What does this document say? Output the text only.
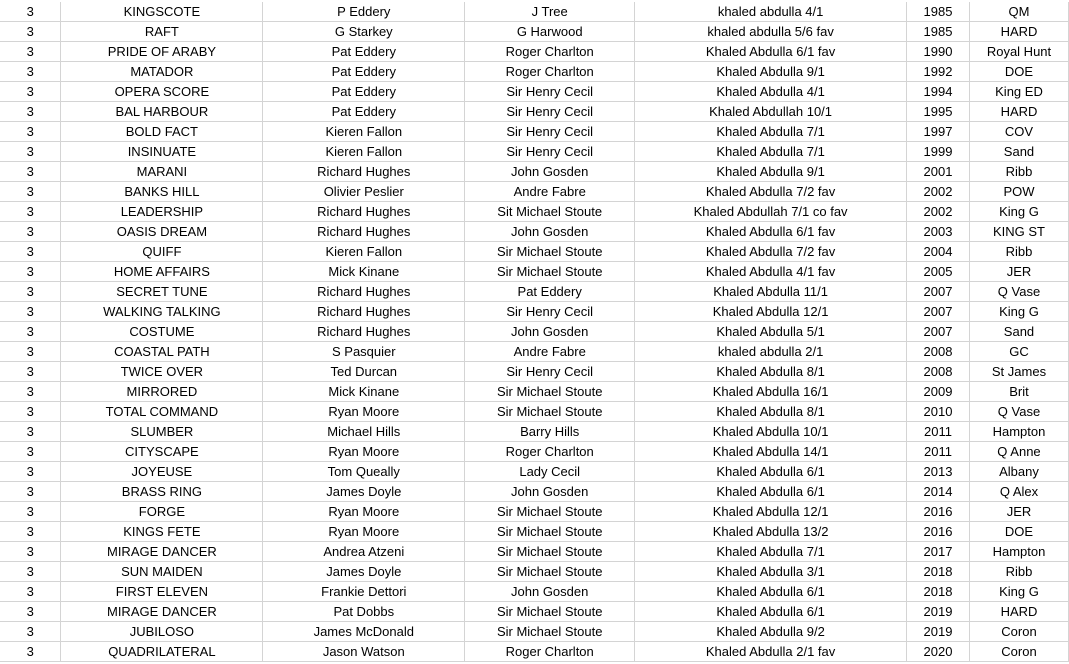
3	KINGSCOTE	P Eddery	J Tree	khaled abdulla 4/1	1985	QM
3	RAFT	G Starkey	G Harwood	khaled abdulla 5/6 fav	1985	HARD
3	PRIDE OF ARABY	Pat Eddery	Roger Charlton	Khaled Abdulla 6/1 fav	1990	Royal Hunt
3	MATADOR	Pat Eddery	Roger Charlton	Khaled Abdulla 9/1	1992	DOE
3	OPERA SCORE	Pat Eddery	Sir Henry Cecil	Khaled Abdulla 4/1	1994	King ED
3	BAL HARBOUR	Pat Eddery	Sir Henry Cecil	Khaled Abdullah 10/1	1995	HARD
3	BOLD FACT	Kieren Fallon	Sir Henry Cecil	Khaled Abdulla 7/1	1997	COV
3	INSINUATE	Kieren Fallon	Sir Henry Cecil	Khaled Abdulla 7/1	1999	Sand
3	MARANI	Richard Hughes	John Gosden	Khaled Abdulla 9/1	2001	Ribb
3	BANKS HILL	Olivier Peslier	Andre Fabre	Khaled Abdulla 7/2 fav	2002	POW
3	LEADERSHIP	Richard Hughes	Sit Michael Stoute	Khaled Abdullah 7/1 co fav	2002	King G
3	OASIS DREAM	Richard Hughes	John Gosden	Khaled Abdulla 6/1 fav	2003	KING ST
3	QUIFF	Kieren Fallon	Sir Michael Stoute	Khaled Abdulla 7/2 fav	2004	Ribb
3	HOME AFFAIRS	Mick Kinane	Sir Michael Stoute	Khaled Abdulla 4/1 fav	2005	JER
3	SECRET TUNE	Richard Hughes	Pat Eddery	Khaled Abdulla 11/1	2007	Q Vase
3	WALKING TALKING	Richard Hughes	Sir Henry Cecil	Khaled Abdulla 12/1	2007	King G
3	COSTUME	Richard Hughes	John Gosden	Khaled Abdulla 5/1	2007	Sand
3	COASTAL PATH	S Pasquier	Andre Fabre	khaled abdulla 2/1	2008	GC
3	TWICE OVER	Ted Durcan	Sir Henry Cecil	Khaled Abdulla 8/1	2008	St James
3	MIRRORED	Mick Kinane	Sir Michael Stoute	Khaled Abdulla 16/1	2009	Brit
3	TOTAL COMMAND	Ryan Moore	Sir Michael Stoute	Khaled Abdulla 8/1	2010	Q Vase
3	SLUMBER	Michael Hills	Barry Hills	Khaled Abdulla 10/1	2011	Hampton
3	CITYSCAPE	Ryan Moore	Roger Charlton	Khaled Abdulla 14/1	2011	Q Anne
3	JOYEUSE	Tom Queally	Lady Cecil	Khaled Abdulla 6/1	2013	Albany
3	BRASS RING	James Doyle	John Gosden	Khaled Abdulla 6/1	2014	Q Alex
3	FORGE	Ryan Moore	Sir Michael Stoute	Khaled Abdulla 12/1	2016	JER
3	KINGS FETE	Ryan Moore	Sir Michael Stoute	Khaled Abdulla 13/2	2016	DOE
3	MIRAGE DANCER	Andrea Atzeni	Sir Michael Stoute	Khaled Abdulla 7/1	2017	Hampton
3	SUN MAIDEN	James Doyle	Sir Michael Stoute	Khaled Abdulla 3/1	2018	Ribb
3	FIRST ELEVEN	Frankie Dettori	John Gosden	Khaled Abdulla 6/1	2018	King G
3	MIRAGE DANCER	Pat Dobbs	Sir Michael Stoute	Khaled Abdulla 6/1	2019	HARD
3	JUBILOSO	James McDonald	Sir Michael Stoute	Khaled Abdulla 9/2	2019	Coron
3	QUADRILATERAL	Jason Watson	Roger Charlton	Khaled Abdulla 2/1 fav	2020	Coron
